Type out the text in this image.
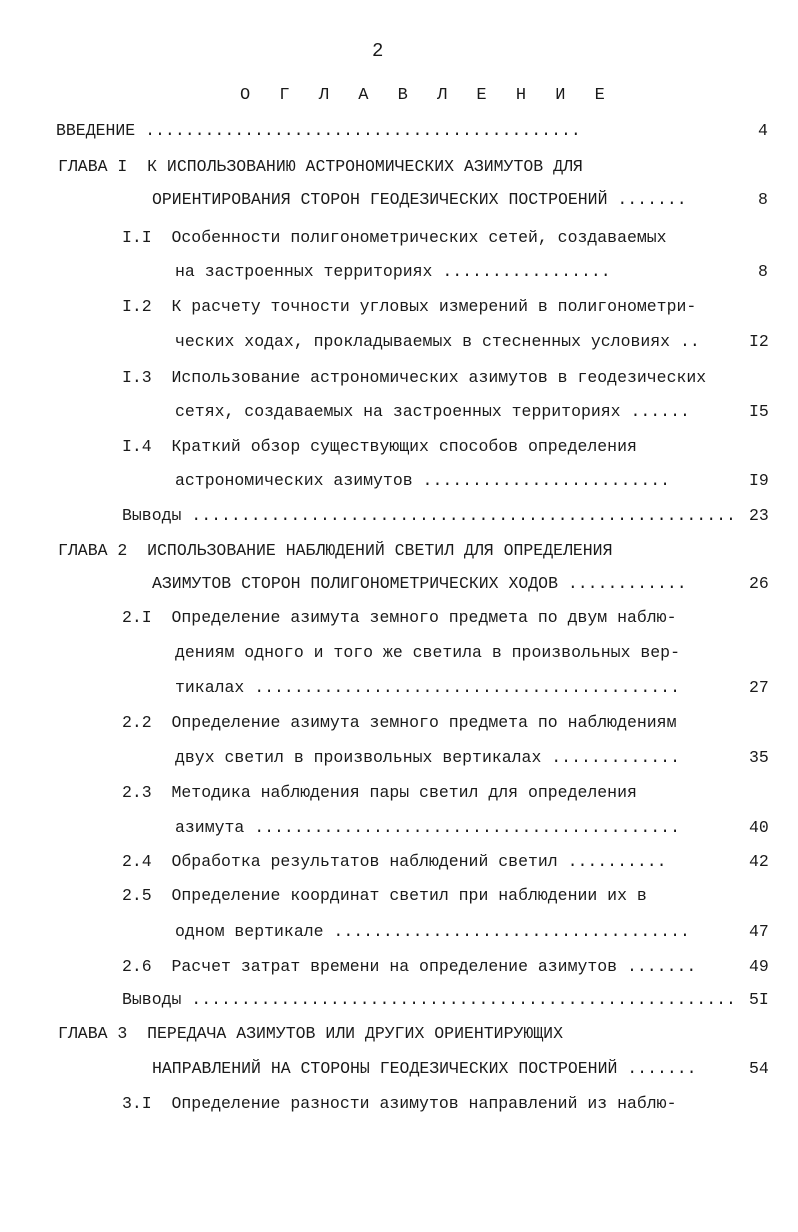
2
О Г Л А В Л Е Н И Е
ВВЕДЕНИЕ ............................................	4
ГЛАВА I  К ИСПОЛЬЗОВАНИЮ АСТРОНОМИЧЕСКИХ АЗИМУТОВ ДЛЯ
ОРИЕНТИРОВАНИЯ СТОРОН ГЕОДЕЗИЧЕСКИХ ПОСТРОЕНИЙ .......	8
I.I  Особенности полигонометрических сетей, создаваемых
на застроенных территориях .................	8
I.2  К расчету точности угловых измерений в полигонометри-
ческих ходах, прокладываемых в стесненных условиях ..	I2
I.3  Использование астрономических азимутов в геодезических
сетях, создаваемых на застроенных территориях ......	I5
I.4  Краткий обзор существующих способов определения
астрономических азимутов .........................	I9
Выводы ....................................................... 23
ГЛАВА 2  ИСПОЛЬЗОВАНИЕ НАБЛЮДЕНИЙ СВЕТИЛ ДЛЯ ОПРЕДЕЛЕНИЯ
АЗИМУТОВ СТОРОН ПОЛИГОНОМЕТРИЧЕСКИХ ХОДОВ ............	26
2.I  Определение азимута земного предмета по двум наблю-
дениям одного и того же светила в произвольных вер-
тикалах ...........................................	27
2.2  Определение азимута земного предмета по наблюдениям
двух светил в произвольных вертикалах .............	35
2.3  Методика наблюдения пары светил для определения
азимута ...........................................	40
2.4  Обработка результатов наблюдений светил ..........	42
2.5  Определение координат светил при наблюдении их в
одном вертикале ....................................	47
2.6  Расчет затрат времени на определение азимутов .......	49
Выводы ....................................................... 5I
ГЛАВА 3  ПЕРЕДАЧА АЗИМУТОВ ИЛИ ДРУГИХ ОРИЕНТИРУЮЩИХ
НАПРАВЛЕНИЙ НА СТОРОНЫ ГЕОДЕЗИЧЕСКИХ ПОСТРОЕНИЙ .......	54
3.I  Определение разности азимутов направлений из наблю-
